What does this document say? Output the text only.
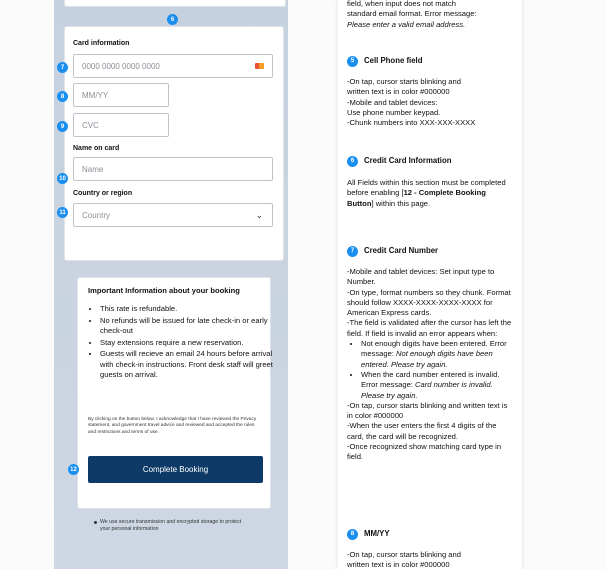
6
Card information
0000 0000 0000 0000
MM/YY
CVC
Name on card
Name
Country or region
Country	⌄
7
8
9
10
11
Important Information about your booking
• This rate is refundable.
• No refunds will be issued for late check-in or early check-out
• Stay extensions require a new reservation.
• Guests will recieve an email 24 hours before arrival with check-in instructions. Front desk staff will greet guests on arrival.
By clicking on the button below, I acknowledge that I have reviewed the Privacy statement, and government travel advice and reviewed and accepted the rules and restrictions and terms of use.
Complete Booking
12
We use secure transmission and encrypted storage to protect your personal information
field, when input does not match
standard email format. Error message:
Please enter a valid email address.
5	Cell Phone field
-On tap, cursor starts blinking and
written text is in color #000000
-Mobile and tablet devices:
Use phone number keypad.
-Chunk numbers into XXX-XXX-XXXX
6	Credit Card Information
All Fields within this section must be completed before enabling [12 - Complete Booking Button] within this page.
7	Credit Card Number
-Mobile and tablet devices: Set input type to Number.
-On type, format numbers so they chunk. Format should follow XXXX-XXXX-XXXX-XXXX for American Express cards.
-The field is validated after the cursor has left the field. If field is invalid an error appears when:
• Not enough digits have been entered. Error message: Not enough digits have been entered. Please try again.
• When the card number entered is invalid. Error message: Card number is invalid. Please try again.
-On tap, cursor starts blinking and written text is in color #000000
-When the user enters the first 4 digits of the card, the card will be recognized.
-Once recognized show matching card type in field.
8	MM/YY
-On tap, cursor starts blinking and
written text is in color #000000
